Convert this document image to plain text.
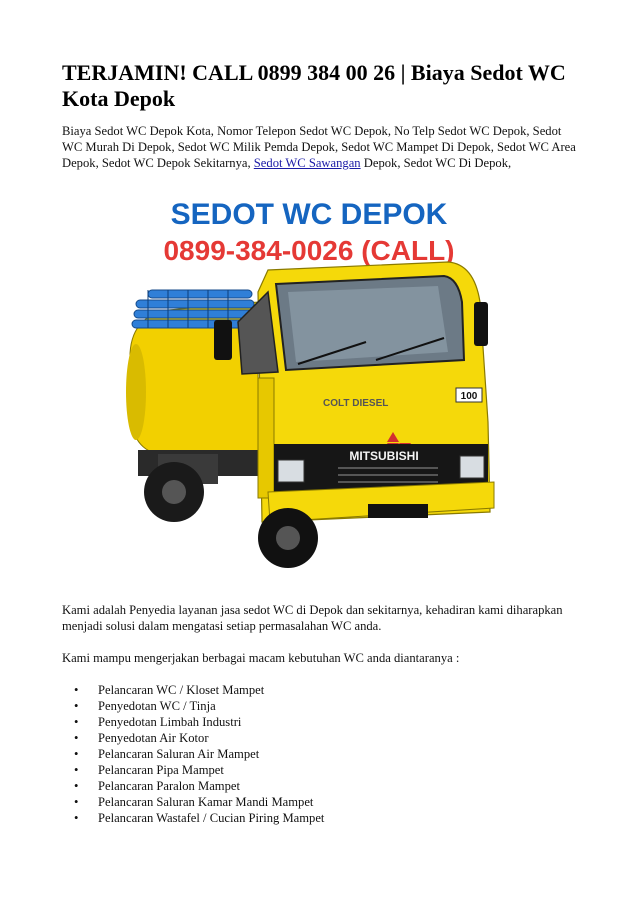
TERJAMIN! CALL 0899 384 00 26 | Biaya Sedot WC Kota Depok

Biaya Sedot WC Depok Kota, Nomor Telepon Sedot WC Depok, No Telp Sedot WC Depok, Sedot WC Murah Di Depok, Sedot WC Milik Pemda Depok, Sedot WC Mampet Di Depok, Sedot WC Area Depok, Sedot WC Depok Sekitarnya, Sedot WC Sawangan Depok, Sedot WC Di Depok,

SEDOT WC DEPOK
0899-384-0026 (CALL)
COLT DIESEL
100
MITSUBISHI

Kami adalah Penyedia layanan jasa sedot WC di Depok dan sekitarnya, kehadiran kami diharapkan menjadi solusi dalam mengatasi setiap permasalahan WC anda.

Kami mampu mengerjakan berbagai macam kebutuhan WC anda diantaranya :

• Pelancaran WC / Kloset Mampet
• Penyedotan WC / Tinja
• Penyedotan Limbah Industri
• Penyedotan Air Kotor
• Pelancaran Saluran Air Mampet
• Pelancaran Pipa Mampet
• Pelancaran Paralon Mampet
• Pelancaran Saluran Kamar Mandi Mampet
• Pelancaran Wastafel / Cucian Piring Mampet
